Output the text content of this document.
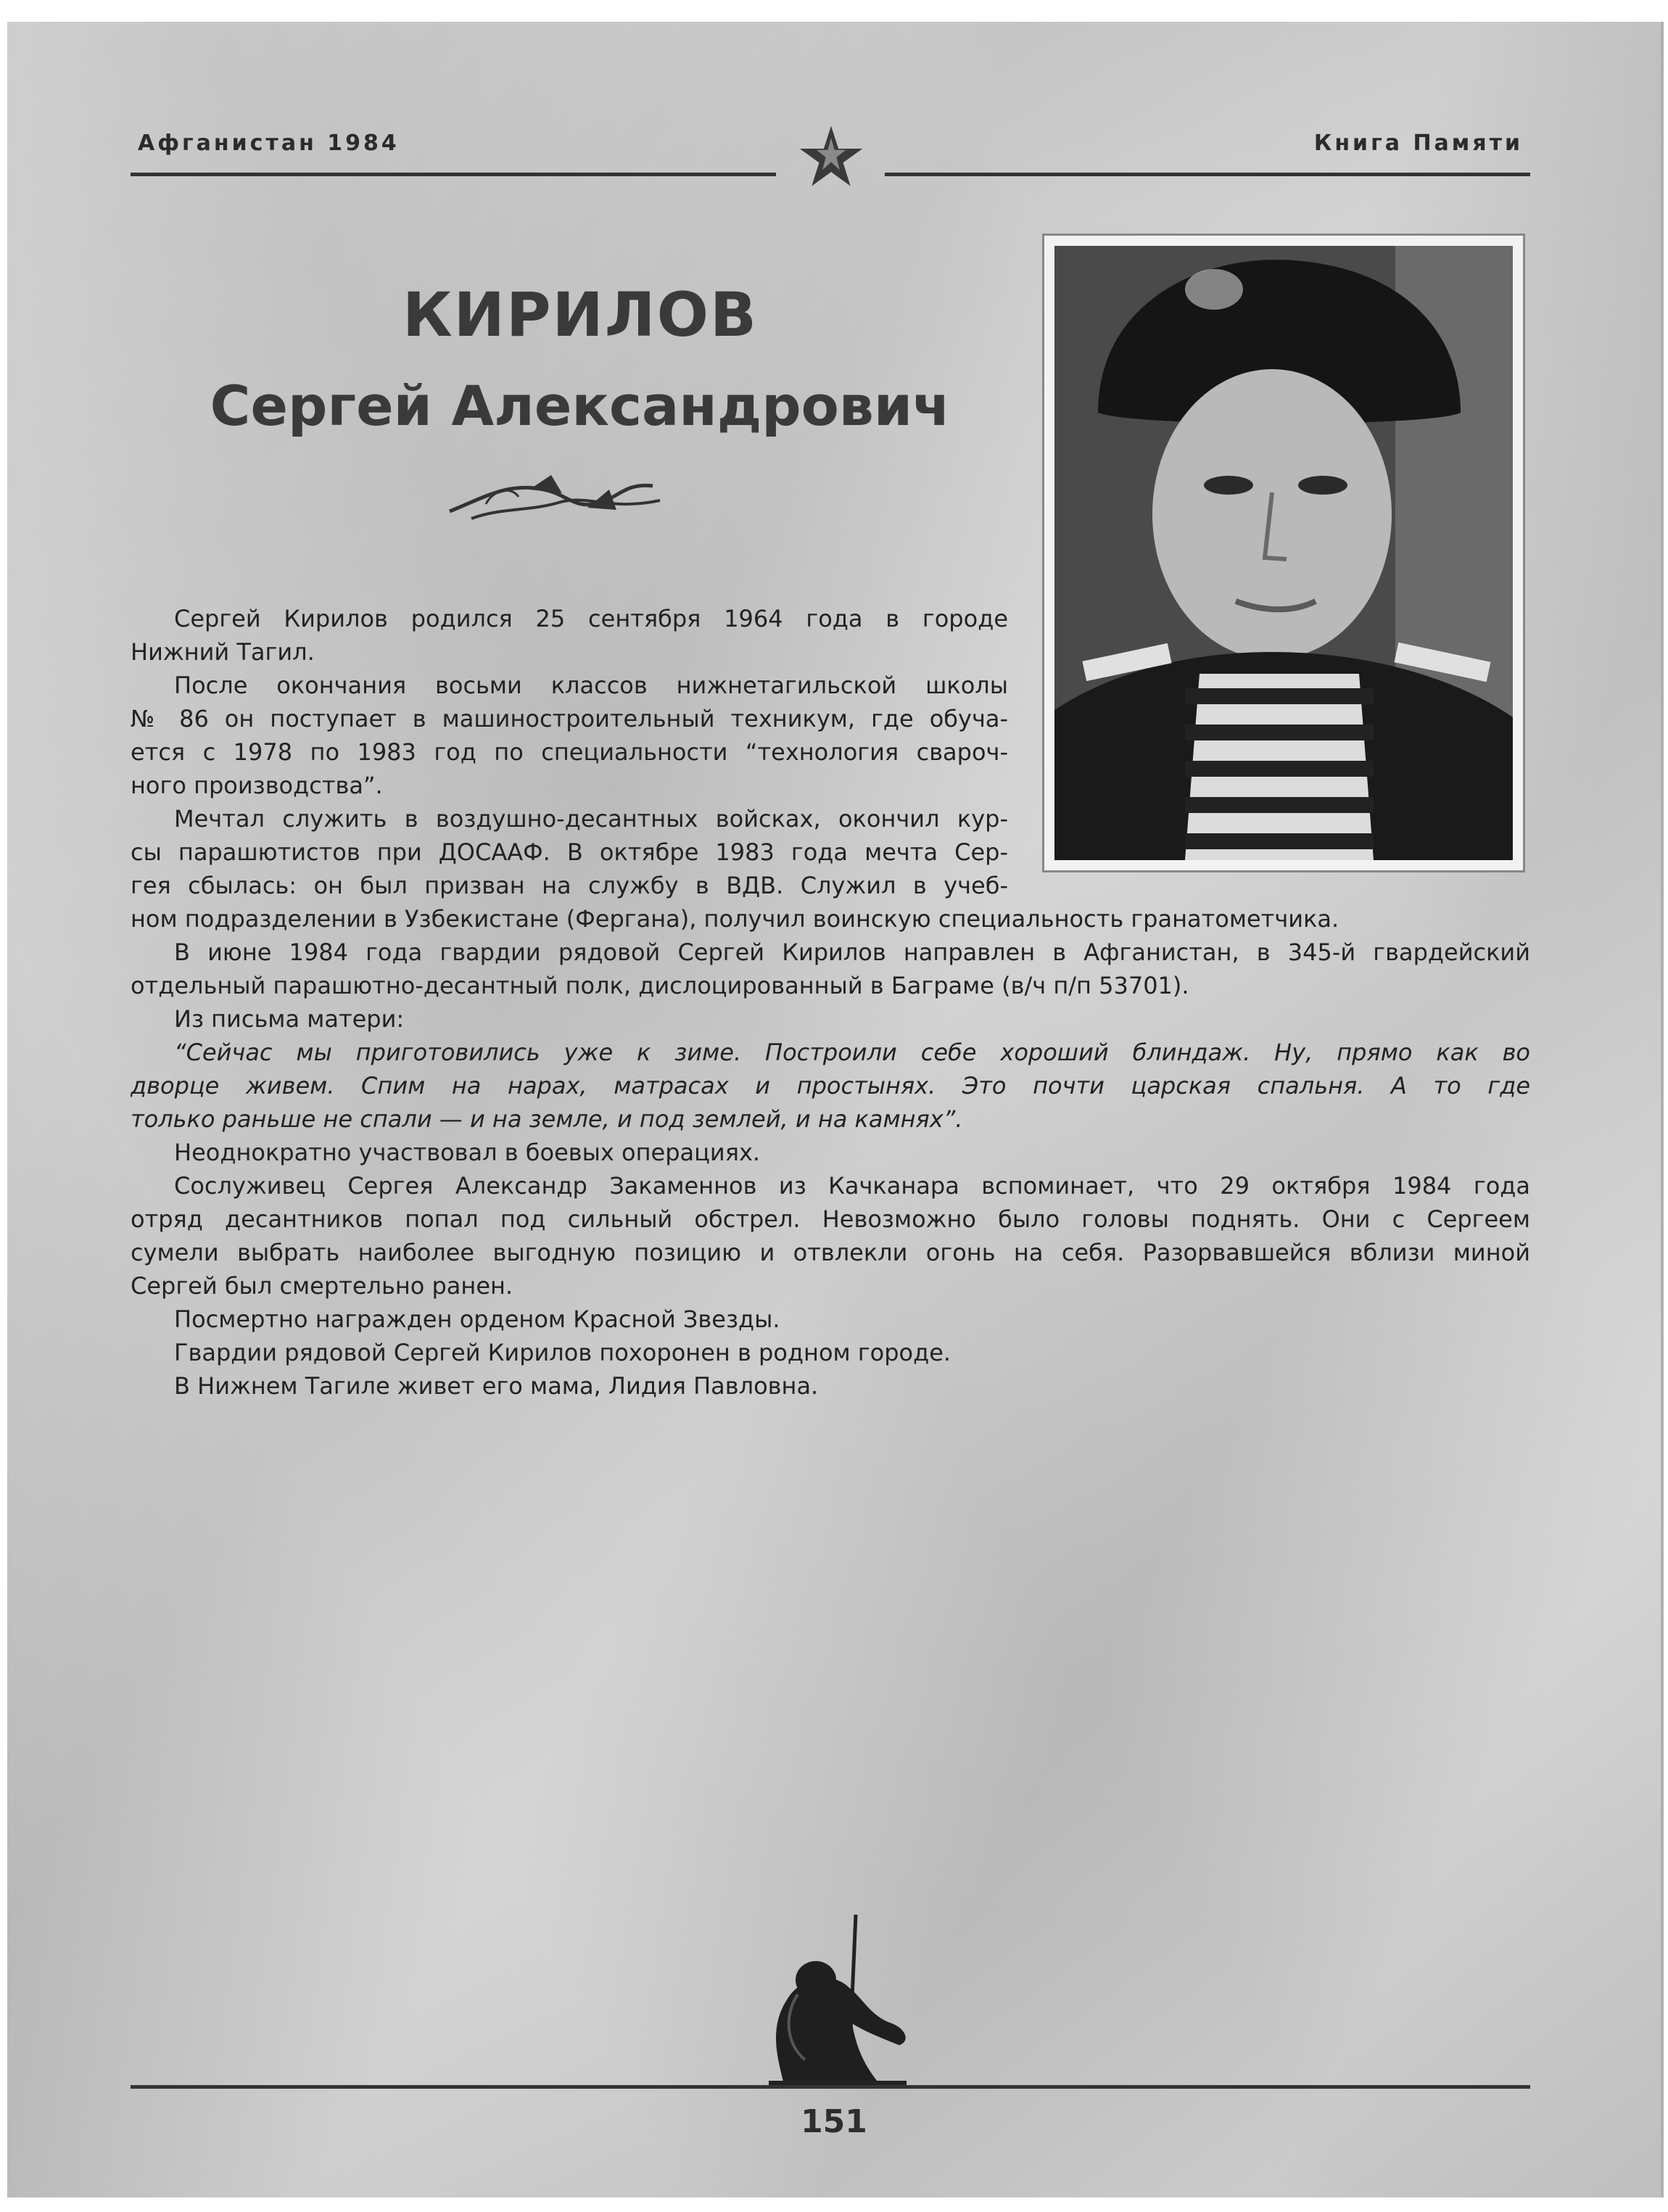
Афганистан 1984	Книга Памяти
КИРИЛОВ
Сергей Александрович
Сергей Кирилов родился 25 сентября 1964 года в городе
Нижний Тагил.
После окончания восьми классов нижнетагильской школы
№ 86 он поступает в машиностроительный техникум, где обуча-
ется с 1978 по 1983 год по специальности “технология свароч-
ного производства”.
Мечтал служить в воздушно-десантных войсках, окончил кур-
сы парашютистов при ДОСААФ. В октябре 1983 года мечта Сер-
гея сбылась: он был призван на службу в ВДВ. Служил в учеб-
ном подразделении в Узбекистане (Фергана), получил воинскую специальность гранатометчика.
В июне 1984 года гвардии рядовой Сергей Кирилов направлен в Афганистан, в 345-й гвардейский
отдельный парашютно-десантный полк, дислоцированный в Баграме (в/ч п/п 53701).
Из письма матери:
“Сейчас мы приготовились уже к зиме. Построили себе хороший блиндаж. Ну, прямо как во
дворце живем. Спим на нарах, матрасах и простынях. Это почти царская спальня. А то где
только раньше не спали — и на земле, и под землей, и на камнях”.
Неоднократно участвовал в боевых операциях.
Сослуживец Сергея Александр Закаменнов из Качканара вспоминает, что 29 октября 1984 года
отряд десантников попал под сильный обстрел. Невозможно было головы поднять. Они с Сергеем
сумели выбрать наиболее выгодную позицию и отвлекли огонь на себя. Разорвавшейся вблизи миной
Сергей был смертельно ранен.
Посмертно награжден орденом Красной Звезды.
Гвардии рядовой Сергей Кирилов похоронен в родном городе.
В Нижнем Тагиле живет его мама, Лидия Павловна.
151
